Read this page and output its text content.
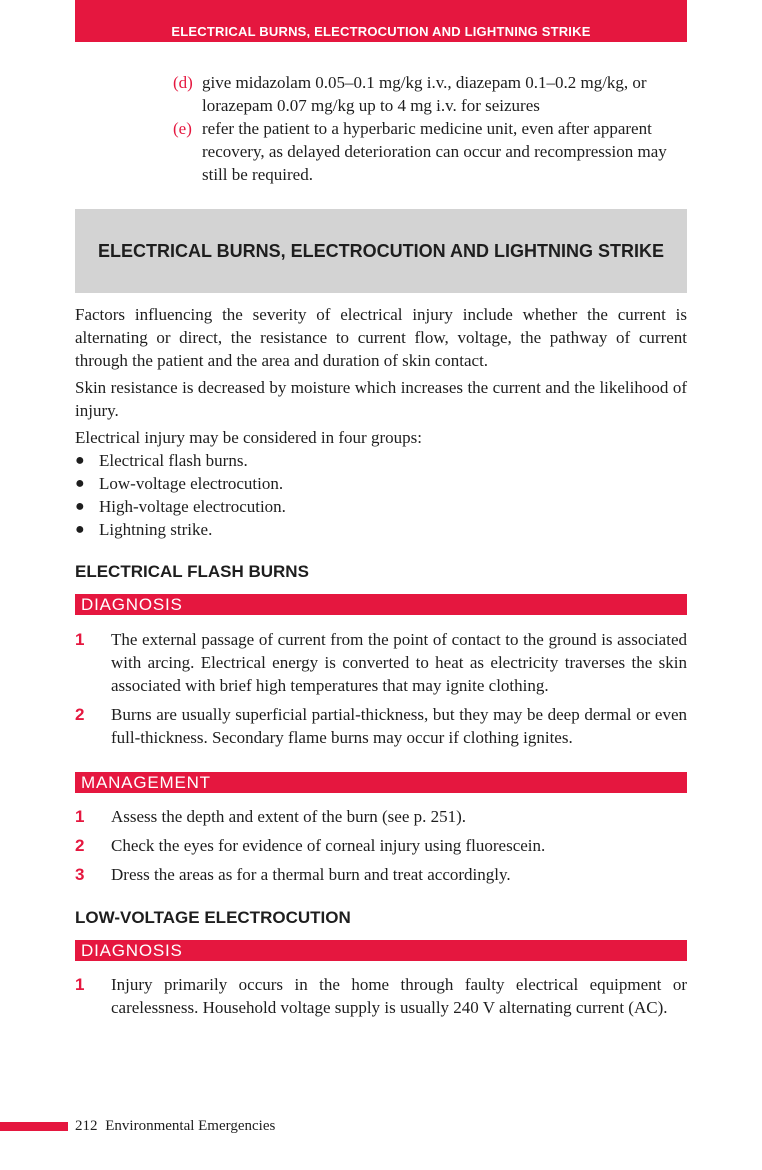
ELECTRICAL BURNS, ELECTROCUTION AND LIGHTNING STRIKE
(d) give midazolam 0.05–0.1 mg/kg i.v., diazepam 0.1–0.2 mg/kg, or lorazepam 0.07 mg/kg up to 4 mg i.v. for seizures
(e) refer the patient to a hyperbaric medicine unit, even after apparent recovery, as delayed deterioration can occur and recompression may still be required.
ELECTRICAL BURNS, ELECTROCUTION AND LIGHTNING STRIKE

Factors influencing the severity of electrical injury include whether the current is alternating or direct, the resistance to current flow, voltage, the pathway of current through the patient and the area and duration of skin contact.

Skin resistance is decreased by moisture which increases the current and the likelihood of injury.

Electrical injury may be considered in four groups:

● Electrical flash burns.
● Low-voltage electrocution.
● High-voltage electrocution.
● Lightning strike.
ELECTRICAL FLASH BURNS
DIAGNOSIS
1	The external passage of current from the point of contact to the ground is associated with arcing. Electrical energy is converted to heat as electricity traverses the skin associated with brief high temperatures that may ignite clothing.
2	Burns are usually superficial partial-thickness, but they may be deep dermal or even full-thickness. Secondary flame burns may occur if clothing ignites.
MANAGEMENT
1	Assess the depth and extent of the burn (see p. 251).
2	Check the eyes for evidence of corneal injury using fluorescein.
3	Dress the areas as for a thermal burn and treat accordingly.
LOW-VOLTAGE ELECTROCUTION
DIAGNOSIS
1	Injury primarily occurs in the home through faulty electrical equipment or carelessness. Household voltage supply is usually 240 V alternating current (AC).
212 Environmental Emergencies
